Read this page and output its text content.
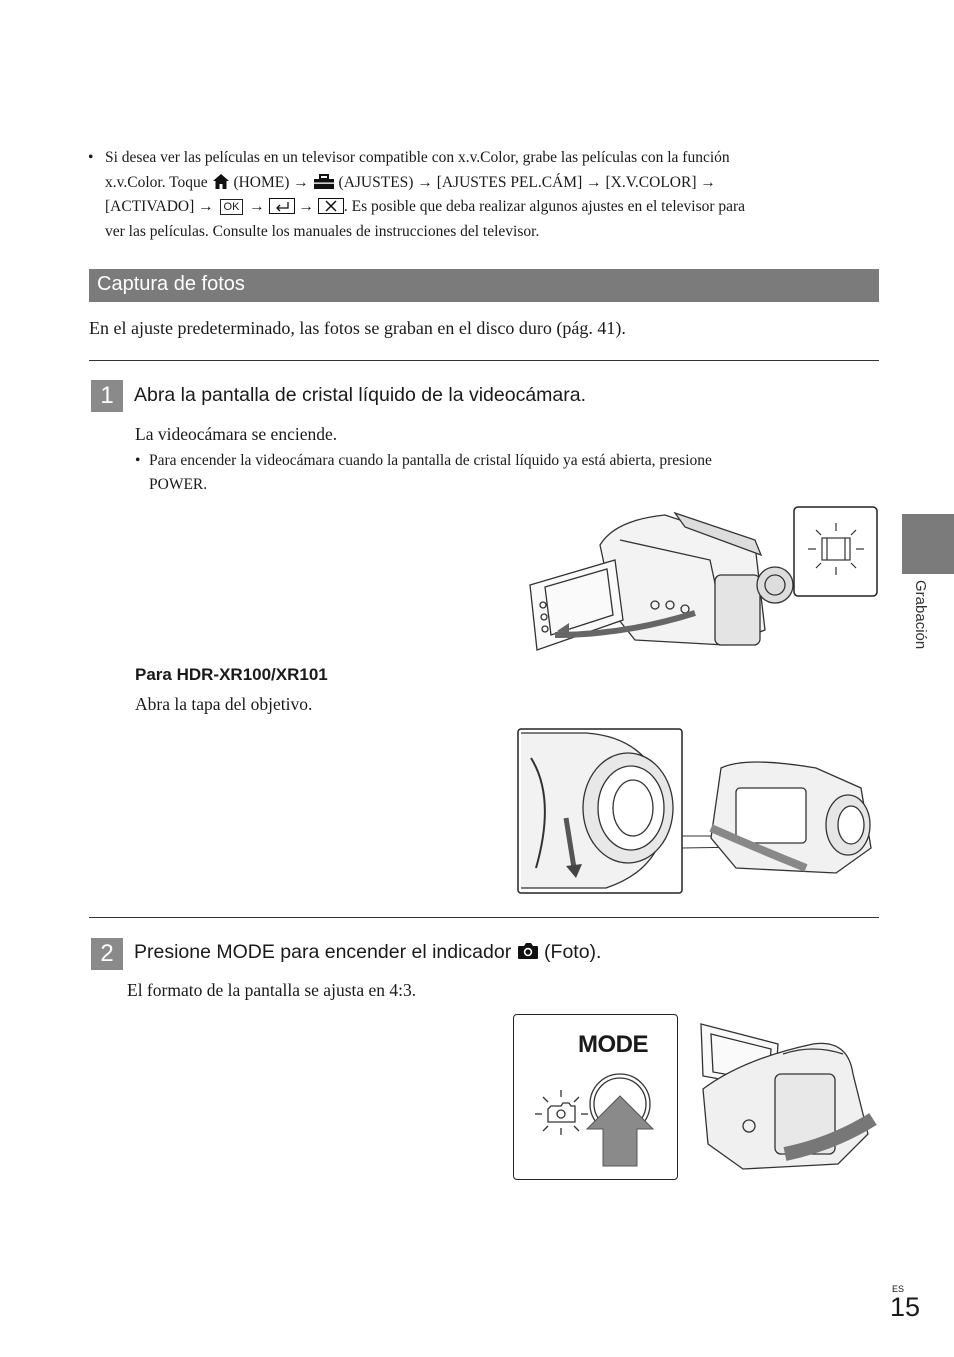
• Si desea ver las películas en un televisor compatible con x.v.Color, grabe las películas con la función
x.v.Color. Toque (HOME) → (AJUSTES) → [AJUSTES PEL.CÁM] → [X.V.COLOR] →
[ACTIVADO] → OK → → . Es posible que deba realizar algunos ajustes en el televisor para
ver las películas. Consulte los manuales de instrucciones del televisor.
Captura de fotos
En el ajuste predeterminado, las fotos se graban en el disco duro (pág. 41).
1	Abra la pantalla de cristal líquido de la videocámara.
La videocámara se enciende.
• Para encender la videocámara cuando la pantalla de cristal líquido ya está abierta, presione
POWER.
Para HDR-XR100/XR101
Abra la tapa del objetivo.
2	Presione MODE para encender el indicador (Foto).
El formato de la pantalla se ajusta en 4:3.
MODE
Grabación
ES
15
